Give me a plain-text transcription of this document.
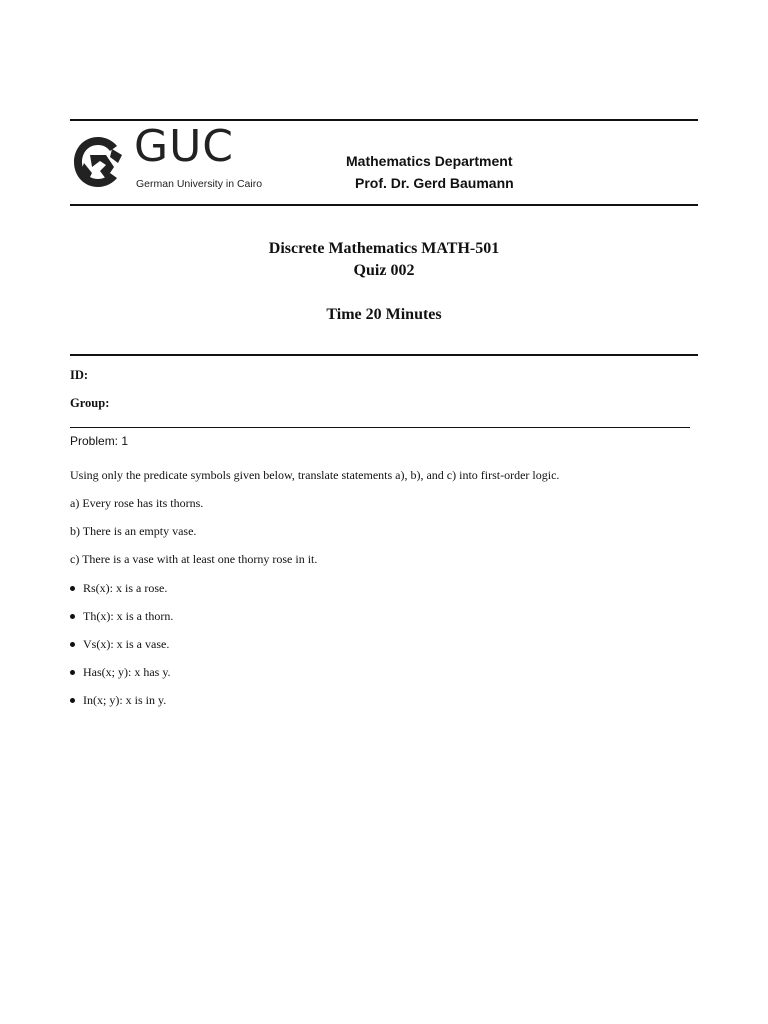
GUC
German University in Cairo
Mathematics Department
Prof. Dr. Gerd Baumann
Discrete Mathematics MATH-501
Quiz 002
Time 20 Minutes
ID:
Group:
Problem: 1
Using only the predicate symbols given below, translate statements a), b), and c) into first-order logic.
a) Every rose has its thorns.
b) There is an empty vase.
c) There is a vase with at least one thorny rose in it.
Rs(x): x is a rose.
Th(x): x is a thorn.
Vs(x): x is a vase.
Has(x; y): x has y.
In(x; y): x is in y.
